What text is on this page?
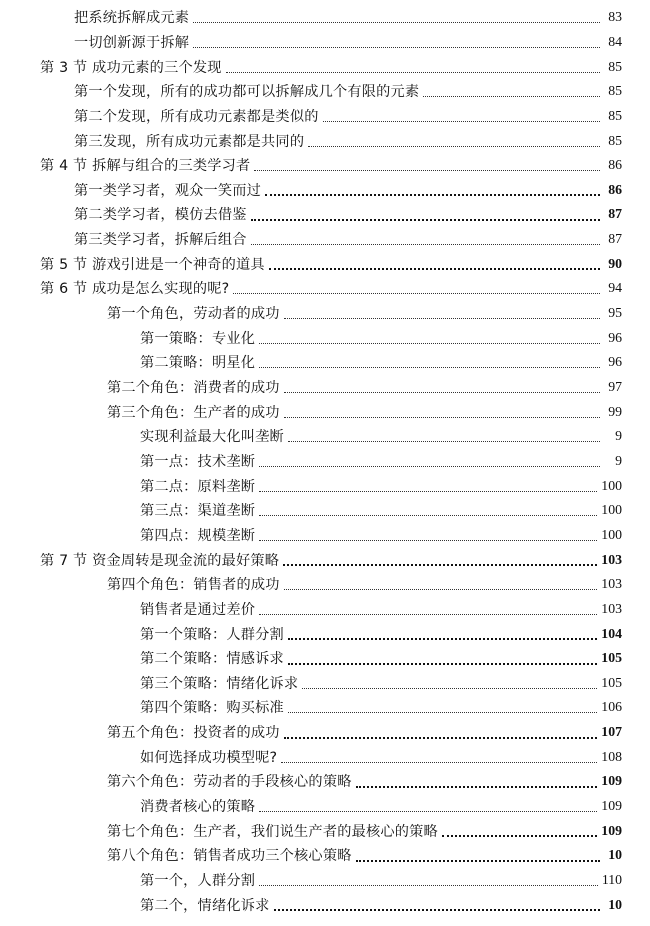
把系统拆解成元素	83
一切创新源于拆解	84
第 3 节 成功元素的三个发现	85
第一个发现，所有的成功都可以拆解成几个有限的元素	85
第二个发现，所有成功元素都是类似的	85
第三发现，所有成功元素都是共同的	85
第 4 节 拆解与组合的三类学习者	86
第一类学习者，观众一笑而过	86
第二类学习者，模仿去借鉴	87
第三类学习者，拆解后组合	87
第 5 节 游戏引进是一个神奇的道具	90
第 6 节 成功是怎么实现的呢?	94
第一个角色，劳动者的成功	95
第一策略：专业化	96
第二策略：明星化	96
第二个角色：消费者的成功	97
第三个角色：生产者的成功	99
实现利益最大化叫垄断	9
第一点：技术垄断	9
第二点：原料垄断	100
第三点：渠道垄断	100
第四点：规模垄断	100
第 7 节 资金周转是现金流的最好策略	103
第四个角色：销售者的成功	103
销售者是通过差价	103
第一个策略：人群分割	104
第二个策略：情感诉求	105
第三个策略：情绪化诉求	105
第四个策略：购买标准	106
第五个角色：投资者的成功	107
如何选择成功模型呢?	108
第六个角色：劳动者的手段核心的策略	109
消费者核心的策略	109
第七个角色：生产者，我们说生产者的最核心的策略	109
第八个角色：销售者成功三个核心策略	10
第一个，人群分割	110
第二个，情绪化诉求	10
